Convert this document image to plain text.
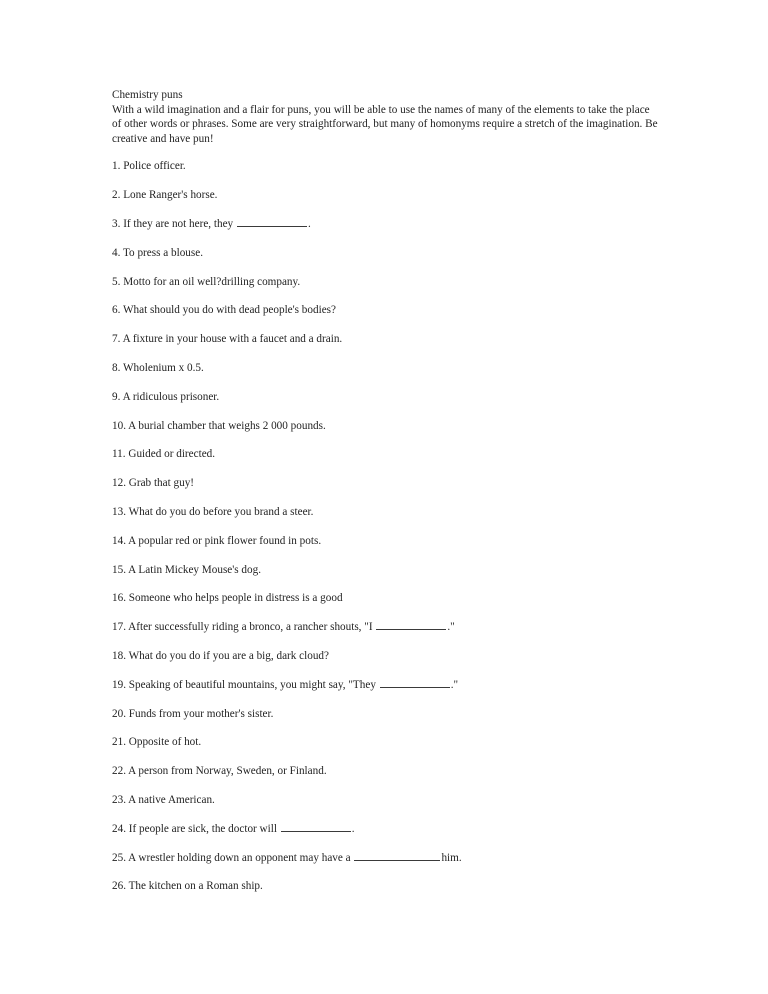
Chemistry puns

With a wild imagination and a flair for puns, you will be able to use the names of many of the elements to take the place of other words or phrases. Some are very straightforward, but many of homonyms require a stretch of the imagination. Be creative and have pun!

1. Police officer.
2. Lone Ranger's horse.
3. If they are not here, they	.
4. To press a blouse.
5. Motto for an oil well?drilling company.
6. What should you do with dead people's bodies?
7. A fixture in your house with a faucet and a drain.
8. Wholenium x 0.5.
9. A ridiculous prisoner.
10. A burial chamber that weighs 2 000 pounds.
11. Guided or directed.
12. Grab that guy!
13. What do you do before you brand a steer.
14. A popular red or pink flower found in pots.
15. A Latin Mickey Mouse's dog.
16. Someone who helps people in distress is a good
17. After successfully riding a bronco, a rancher shouts, "I	."
18. What do you do if you are a big, dark cloud?
19. Speaking of beautiful mountains, you might say, "They	."
20. Funds from your mother's sister.
21. Opposite of hot.
22. A person from Norway, Sweden, or Finland.
23. A native American.
24. If people are sick, the doctor will	.
25. A wrestler holding down an opponent may have a	him.
26. The kitchen on a Roman ship.
